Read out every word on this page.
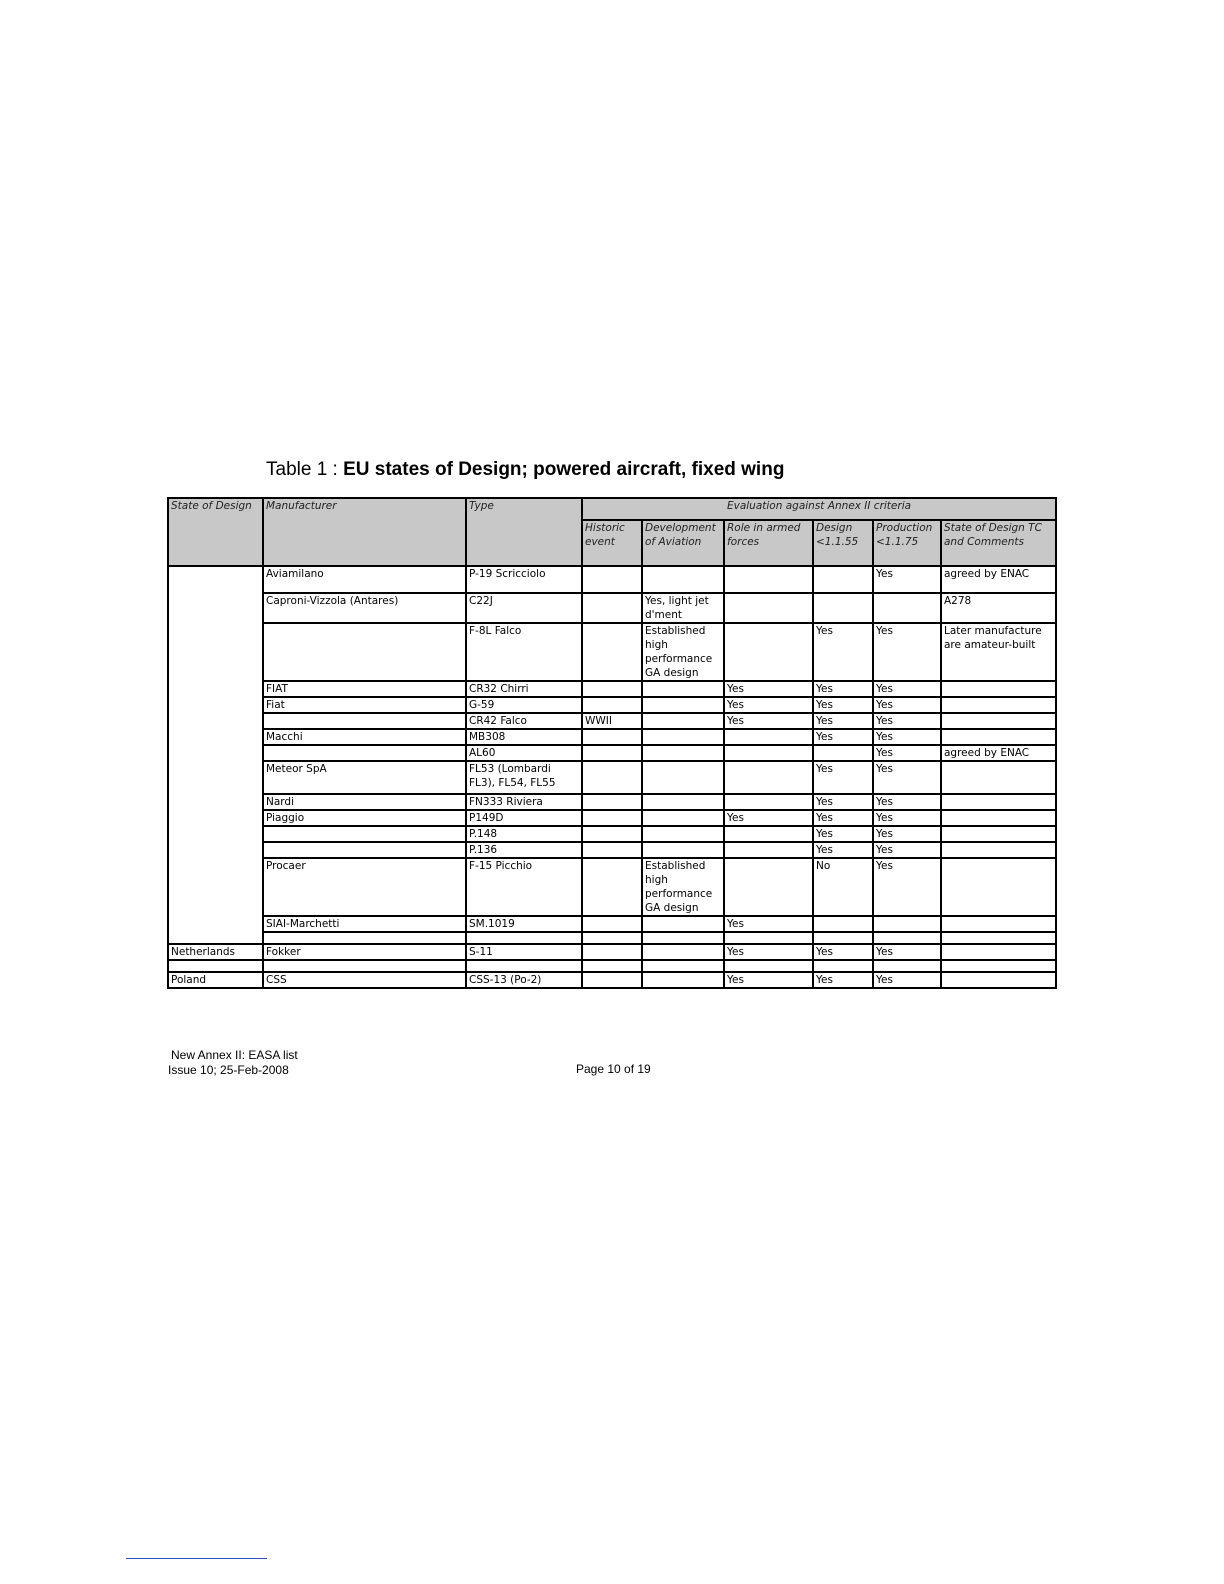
Table 1 : EU states of Design; powered aircraft, fixed wing
State of Design	Manufacturer	Type	Evaluation against Annex II criteria					
			Historic event	Development of Aviation	Role in armed forces	Design <1.1.55	Production <1.1.75	State of Design TC and Comments
	Aviamilano	P-19 Scricciolo					Yes	agreed by ENAC
	Caproni-Vizzola (Antares)	C22J		Yes, light jet d'ment				A278
		F-8L Falco		Established high performance GA design		Yes	Yes	Later manufacture are amateur-built
	FIAT	CR32 Chirri			Yes	Yes	Yes	
	Fiat	G-59			Yes	Yes	Yes	
		CR42 Falco	WWII		Yes	Yes	Yes	
	Macchi	MB308				Yes	Yes	
		AL60					Yes	agreed by ENAC
	Meteor SpA	FL53 (Lombardi FL3), FL54, FL55				Yes	Yes	
	Nardi	FN333 Riviera				Yes	Yes	
	Piaggio	P149D			Yes	Yes	Yes	
		P.148				Yes	Yes	
		P.136				Yes	Yes	
	Procaer	F-15 Picchio		Established high performance GA design		No	Yes	
	SIAI-Marchetti	SM.1019			Yes			

Netherlands	Fokker	S-11			Yes	Yes	Yes	

Poland	CSS	CSS-13 (Po-2)			Yes	Yes	Yes	
New Annex II: EASA list
Issue 10; 25-Feb-2008	Page 10 of 19
